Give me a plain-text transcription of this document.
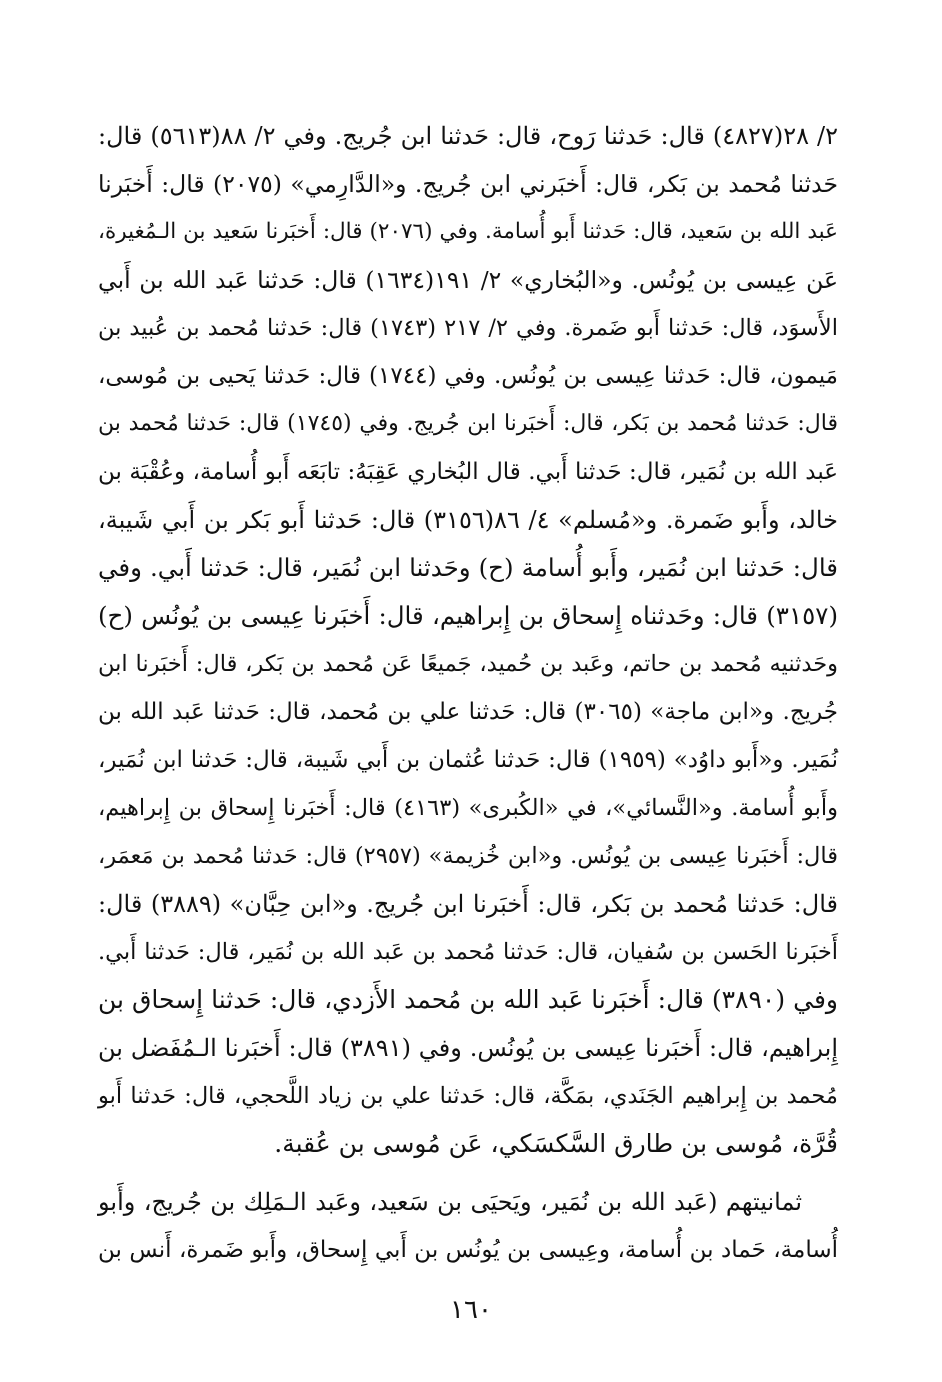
٢/ ٢٨(٤٨٢٧) قال: حَدثنا رَوح، قال: حَدثنا ابن جُريج. وفي ٢/ ٨٨(٥٦١٣) قال:
حَدثنا مُحمد بن بَكر، قال: أَخبَرني ابن جُريج. و«الدَّارِمي» (٢٠٧٥) قال: أَخبَرنا
عَبد الله بن سَعيد، قال: حَدثنا أَبو أُسامة. وفي (٢٠٧٦) قال: أَخبَرنا سَعيد بن الـمُغيرة،
عَن عِيسى بن يُونُس. و«البُخاري» ٢/ ١٩١(١٦٣٤) قال: حَدثنا عَبد الله بن أَبي
الأَسوَد، قال: حَدثنا أَبو ضَمرة. وفي ٢/ ٢١٧ (١٧٤٣) قال: حَدثنا مُحمد بن عُبيد بن
مَيمون، قال: حَدثنا عِيسى بن يُونُس. وفي (١٧٤٤) قال: حَدثنا يَحيى بن مُوسى،
قال: حَدثنا مُحمد بن بَكر، قال: أَخبَرنا ابن جُريج. وفي (١٧٤٥) قال: حَدثنا مُحمد بن
عَبد الله بن نُمَير، قال: حَدثنا أَبي. قال البُخاري عَقِبَهُ: تابَعَه أَبو أُسامة، وعُقْبَة بن
خالد، وأَبو ضَمرة. و«مُسلم» ٤/ ٨٦(٣١٥٦) قال: حَدثنا أَبو بَكر بن أَبي شَيبة،
قال: حَدثنا ابن نُمَير، وأَبو أُسامة (ح) وحَدثنا ابن نُمَير، قال: حَدثنا أَبي. وفي
(٣١٥٧) قال: وحَدثناه إِسحاق بن إِبراهيم، قال: أَخبَرنا عِيسى بن يُونُس (ح)
وحَدثنيه مُحمد بن حاتم، وعَبد بن حُميد، جَميعًا عَن مُحمد بن بَكر، قال: أَخبَرنا ابن
جُريج. و«ابن ماجة» (٣٠٦٥) قال: حَدثنا علي بن مُحمد، قال: حَدثنا عَبد الله بن
نُمَير. و«أَبو داوُد» (١٩٥٩) قال: حَدثنا عُثمان بن أَبي شَيبة، قال: حَدثنا ابن نُمَير،
وأَبو أُسامة. و«النَّسائي»، في «الكُبرى» (٤١٦٣) قال: أَخبَرنا إِسحاق بن إِبراهيم،
قال: أَخبَرنا عِيسى بن يُونُس. و«ابن خُزيمة» (٢٩٥٧) قال: حَدثنا مُحمد بن مَعمَر،
قال: حَدثنا مُحمد بن بَكر، قال: أَخبَرنا ابن جُريج. و«ابن حِبَّان» (٣٨٨٩) قال:
أَخبَرنا الحَسن بن سُفيان، قال: حَدثنا مُحمد بن عَبد الله بن نُمَير، قال: حَدثنا أَبي.
وفي (٣٨٩٠) قال: أَخبَرنا عَبد الله بن مُحمد الأَزدي، قال: حَدثنا إِسحاق بن
إِبراهيم، قال: أَخبَرنا عِيسى بن يُونُس. وفي (٣٨٩١) قال: أَخبَرنا الـمُفَضل بن
مُحمد بن إِبراهيم الجَنَدي، بمَكَّة، قال: حَدثنا علي بن زياد اللَّحجي، قال: حَدثنا أَبو
قُرَّة، مُوسى بن طارق السَّكسَكي، عَن مُوسى بن عُقبة.
ثمانيتهم (عَبد الله بن نُمَير، ويَحيَى بن سَعيد، وعَبد الـمَلِك بن جُريج، وأَبو
أُسامة، حَماد بن أُسامة، وعِيسى بن يُونُس بن أَبي إِسحاق، وأَبو ضَمرة، أَنس بن
١٦٠
